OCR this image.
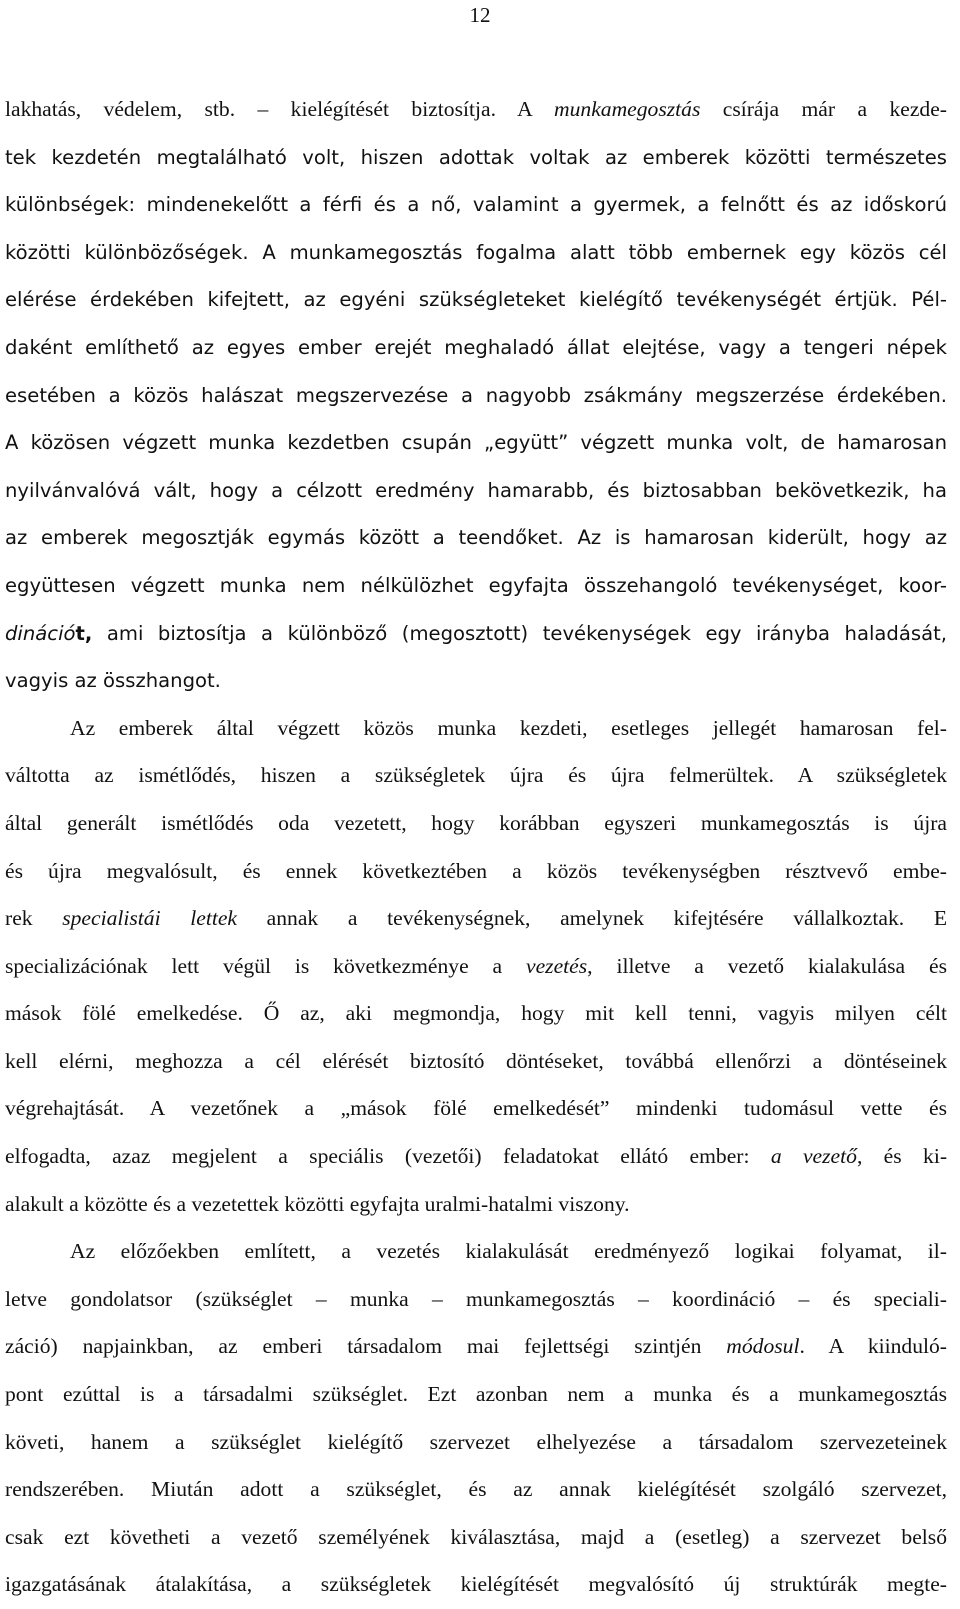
12
lakhatás, védelem, stb. – kielégítését biztosítja. A munkamegosztás csírája már a kezde-
tek kezdetén megtalálható volt, hiszen adottak voltak az emberek közötti természetes
különbségek: mindenekelőtt a férfi és a nő, valamint a gyermek, a felnőtt és az időskorú
közötti különbözőségek. A munkamegosztás fogalma alatt több embernek egy közös cél
elérése érdekében kifejtett, az egyéni szükségleteket kielégítő tevékenységét értjük. Pél-
daként említhető az egyes ember erejét meghaladó állat elejtése, vagy a tengeri népek
esetében a közös halászat megszervezése a nagyobb zsákmány megszerzése érdekében.
A közösen végzett munka kezdetben csupán „együtt” végzett munka volt, de hamarosan
nyilvánvalóvá vált, hogy a célzott eredmény hamarabb, és biztosabban bekövetkezik, ha
az emberek megosztják egymás között a teendőket. Az is hamarosan kiderült, hogy az
együttesen végzett munka nem nélkülözhet egyfajta összehangoló tevékenységet, koor-
dinációt, ami biztosítja a különböző (megosztott) tevékenységek egy irányba haladását,
vagyis az összhangot.
Az emberek által végzett közös munka kezdeti, esetleges jellegét hamarosan fel-
váltotta az ismétlődés, hiszen a szükségletek újra és újra felmerültek. A szükségletek
által generált ismétlődés oda vezetett, hogy korábban egyszeri munkamegosztás is újra
és újra megvalósult, és ennek következtében a közös tevékenységben résztvevő embe-
rek specialistái lettek annak a tevékenységnek, amelynek kifejtésére vállalkoztak. E
specializációnak lett végül is következménye a vezetés, illetve a vezető kialakulása és
mások fölé emelkedése. Ő az, aki megmondja, hogy mit kell tenni, vagyis milyen célt
kell elérni, meghozza a cél elérését biztosító döntéseket, továbbá ellenőrzi a döntéseinek
végrehajtását. A vezetőnek a „mások fölé emelkedését” mindenki tudomásul vette és
elfogadta, azaz megjelent a speciális (vezetői) feladatokat ellátó ember: a vezető, és ki-
alakult a közötte és a vezetettek közötti egyfajta uralmi-hatalmi viszony.
Az előzőekben említett, a vezetés kialakulását eredményező logikai folyamat, il-
letve gondolatsor (szükséglet – munka – munkamegosztás – koordináció – és speciali-
záció) napjainkban, az emberi társadalom mai fejlettségi szintjén módosul. A kiinduló-
pont ezúttal is a társadalmi szükséglet. Ezt azonban nem a munka és a munkamegosztás
követi, hanem a szükséglet kielégítő szervezet elhelyezése a társadalom szervezeteinek
rendszerében. Miután adott a szükséglet, és az annak kielégítését szolgáló szervezet,
csak ezt követheti a vezető személyének kiválasztása, majd a (esetleg) a szervezet belső
igazgatásának átalakítása, a szükségletek kielégítését megvalósító új struktúrák megte-
